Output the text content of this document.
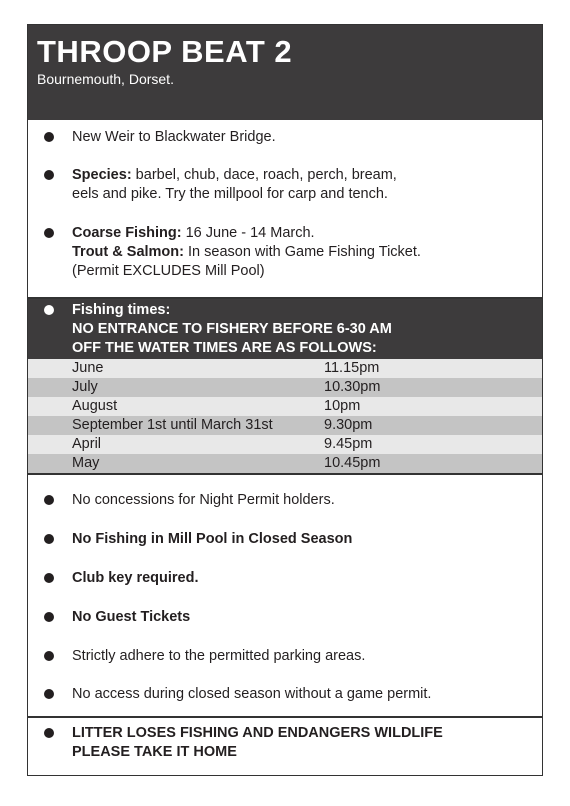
THROOP BEAT 2
Bournemouth, Dorset.
New Weir to Blackwater Bridge.
Species: barbel, chub, dace, roach, perch, bream,
eels and pike. Try the millpool for carp and tench.
Coarse Fishing: 16 June - 14 March.
Trout & Salmon: In season with Game Fishing Ticket.
(Permit EXCLUDES Mill Pool)
Fishing times:
NO ENTRANCE TO FISHERY BEFORE 6-30 AM
OFF THE WATER TIMES ARE AS FOLLOWS:
June	11.15pm
July	10.30pm
August	10pm
September 1st until March 31st	9.30pm
April	9.45pm
May	10.45pm
No concessions for Night Permit holders.
No Fishing in Mill Pool in Closed Season
Club key required.
No Guest Tickets
Strictly adhere to the permitted parking areas.
No access during closed season without a game permit.
LITTER LOSES FISHING AND ENDANGERS WILDLIFE
PLEASE TAKE IT HOME
